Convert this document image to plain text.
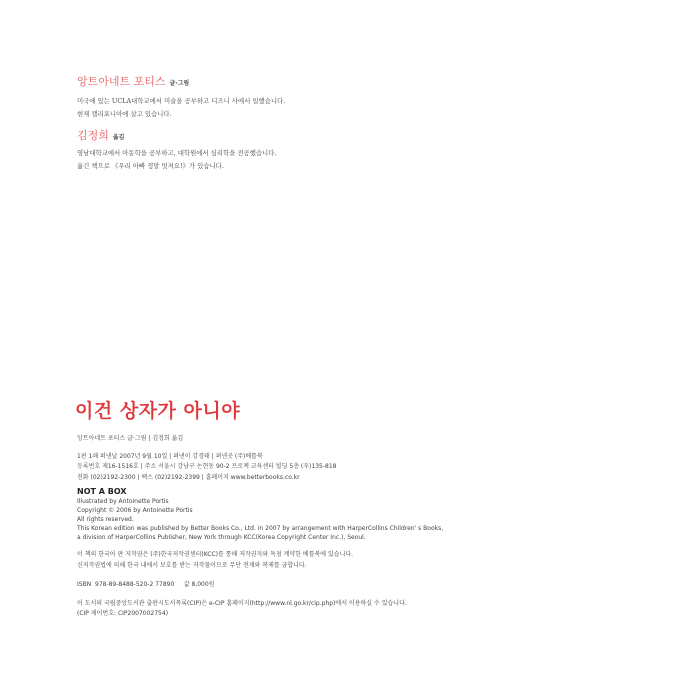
앙트아네트 포티스 글·그림
미국에 있는 UCLA대학교에서 미술을 공부하고 디즈니 사에서 일했습니다.
현재 캘리포니아에 살고 있습니다.
김정희 옮김
영남대학교에서 아동학을 공부하고, 대학원에서 심리학을 전공했습니다.
옮긴 책으로 《우리 아빠 정말 멋져요!》가 있습니다.
이건 상자가 아니야
앙트아네트 포티스 글·그림 | 김정희 옮김
1판 1쇄 펴낸날 2007년 9월 10일 | 펴낸이 강경태 | 펴낸곳 (주)베틀북
등록번호 제16-1516호 | 주소 서울시 강남구 논현동 90-2 프로젝 교육센터 빌딩 5층 (우)135-818
전화 (02)2192-2300 | 팩스 (02)2192-2399 | 홈페이지 www.betterbooks.co.kr
NOT A BOX
Illustrated by Antoinette Portis
Copyright © 2006 by Antoinette Portis
All rights reserved.
This Korean edition was published by Better Books Co., Ltd. in 2007 by arrangement with HarperCollins Children' s Books,
a division of HarperCollins Publisher, New York through KCC(Korea Copyright Center Inc.), Seoul.
이 책의 한국어 판 저작권은 (주)한국저작권센터(KCC)를 통해 저작권자와 독점 계약한 베틀북에 있습니다.
신저작권법에 의해 한국 내에서 보호를 받는 저작물이므로 무단 전재와 복제를 금합니다.
ISBN  978-89-8488-520-2 77890     값 8,000원
이 도서의 국립중앙도서관 출판시도서목록(CIP)은 e-CIP 홈페이지(http://www.nl.go.kr/cip.php)에서 이용하실 수 있습니다.
(CIP 제어번호: CIP2007002754)
